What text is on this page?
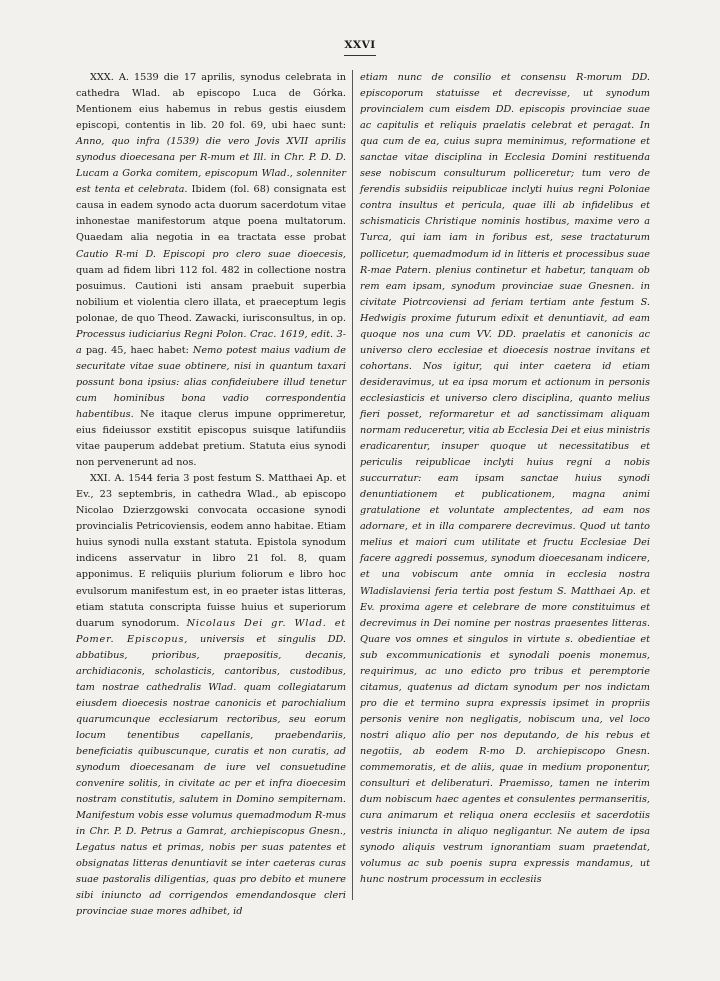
XXVI

XXX. A. 1539 die 17 aprilis, synodus celebrata in cathedra Wlad. ab episcopo Luca de Górka. Mentionem eius habemus in rebus gestis eiusdem episcopi, contentis in lib. 20 fol. 69, ubi haec sunt: Anno, quo infra (1539) die vero Jovis XVII aprilis synodus dioecesana per R-mum et Ill. in Chr. P. D. D. Lucam a Gorka comitem, episcopum Wlad., solenniter est tenta et celebrata. Ibidem (fol. 68) consignata est causa in eadem synodo acta duorum sacerdotum vitae inhonestae manifestorum atque poena multatorum. Quaedam alia negotia in ea tractata esse probat Cautio R-mi D. Episcopi pro clero suae dioecesis, quam ad fidem libri 112 fol. 482 in collectione nostra posuimus. Cautioni isti ansam praebuit superbia nobilium et violentia clero illata, et praeceptum legis polonae, de quo Theod. Zawacki, iurisconsultus, in op. Processus iudiciarius Regni Polon. Crac. 1619, edit. 3-a pag. 45, haec habet: Nemo potest maius vadium de securitate vitae suae obtinere, nisi in quantum taxari possunt bona ipsius: alias confideiubere illud tenetur cum hominibus bona vadio correspondentia habentibus. Ne itaque clerus impune opprimeretur, eius fideiussor exstitit episcopus suisque latifundiis vitae pauperum addebat pretium. Statuta eius synodi non pervenerunt ad nos.

XXI. A. 1544 feria 3 post festum S. Matthaei Ap. et Ev., 23 septembris, in cathedra Wlad., ab episcopo Nicolao Dzierzgowski convocata occasione synodi provincialis Petricoviensis, eodem anno habitae. Etiam huius synodi nulla exstant statuta. Epistola synodum indicens asservatur in libro 21 fol. 8, quam apponimus. E reliquiis plurium foliorum e libro hoc evulsorum manifestum est, in eo praeter istas litteras, etiam statuta conscripta fuisse huius et superiorum duarum synodorum. Nicolaus Dei gr. Wlad. et Pomer. Episcopus, universis et singulis DD. abbatibus, prioribus, praepositis, decanis, archidiaconis, scholasticis, cantoribus, custodibus, tam nostrae cathedralis Wlad. quam collegiatarum eiusdem dioecesis nostrae canonicis et parochialium quarumcunque ecclesiarum rectoribus, seu eorum locum tenentibus capellanis, praebendariis, beneficiatis quibuscunque, curatis et non curatis, ad synodum dioecesanam de iure vel consuetudine convenire solitis, in civitate ac per et infra dioecesim nostram constitutis, salutem in Domino sempiternam. Manifestum vobis esse volumus quemadmodum R-mus in Chr. P. D. Petrus a Gamrat, archiepiscopus Gnesn., Legatus natus et primas, nobis per suas patentes et obsignatas litteras denuntiavit se inter caeteras curas suae pastoralis diligentias, quas pro debito et munere sibi iniuncto ad corrigendos emendandosque cleri provinciae suae mores adhibet, id

etiam nunc de consilio et consensu R-morum DD. episcoporum statuisse et decrevisse, ut synodum provincialem cum eisdem DD. episcopis provinciae suae ac capitulis et reliquis praelatis celebrat et peragat. In qua cum de ea, cuius supra meminimus, reformatione et sanctae vitae disciplina in Ecclesia Domini restituenda sese nobiscum consulturum polliceretur; tum vero de ferendis subsidiis reipublicae inclyti huius regni Poloniae contra insultus et pericula, quae illi ab infidelibus et schismaticis Christique nominis hostibus, maxime vero a Turca, qui iam iam in foribus est, sese tractaturum pollicetur, quemadmodum id in litteris et processibus suae R-mae Patern. plenius continetur et habetur, tanquam ob rem eam ipsam, synodum provinciae suae Gnesnen. in civitate Piotrcoviensi ad feriam tertiam ante festum S. Hedwigis proxime futurum edixit et denuntiavit, ad eam quoque nos una cum VV. DD. praelatis et canonicis ac universo clero ecclesiae et dioecesis nostrae invitans et cohortans. Nos igitur, qui inter caetera id etiam desideravimus, ut ea ipsa morum et actionum in personis ecclesiasticis et universo clero disciplina, quanto melius fieri posset, reformaretur et ad sanctissimam aliquam normam reduceretur, vitia ab Ecclesia Dei et eius ministris eradicarentur, insuper quoque ut necessitatibus et periculis reipublicae inclyti huius regni a nobis succurratur: eam ipsam sanctae huius synodi denuntiationem et publicationem, magna animi gratulatione et voluntate amplectentes, ad eam nos adornare, et in illa comparere decrevimus. Quod ut tanto melius et maiori cum utilitate et fructu Ecclesiae Dei facere aggredi possemus, synodum dioecesanam indicere, et una vobiscum ante omnia in ecclesia nostra Wladislaviensi feria tertia post festum S. Matthaei Ap. et Ev. proxima agere et celebrare de more constituimus et decrevimus in Dei nomine per nostras praesentes litteras. Quare vos omnes et singulos in virtute s. obedientiae et sub excommunicationis et synodali poenis monemus, requirimus, ac uno edicto pro tribus et peremptorie citamus, quatenus ad dictam synodum per nos indictam pro die et termino supra expressis ipsimet in propriis personis venire non negligatis, nobiscum una, vel loco nostri aliquo alio per nos deputando, de his rebus et negotiis, ab eodem R-mo D. archiepiscopo Gnesn. commemoratis, et de aliis, quae in medium proponentur, consulturi et deliberaturi. Praemisso, tamen ne interim dum nobiscum haec agentes et consulentes permanseritis, cura animarum et reliqua onera ecclesiis et sacerdotiis vestris iniuncta in aliquo negligantur. Ne autem de ipsa synodo aliquis vestrum ignorantiam suam praetendat, volumus ac sub poenis supra expressis mandamus, ut hunc nostrum processum in ecclesiis
